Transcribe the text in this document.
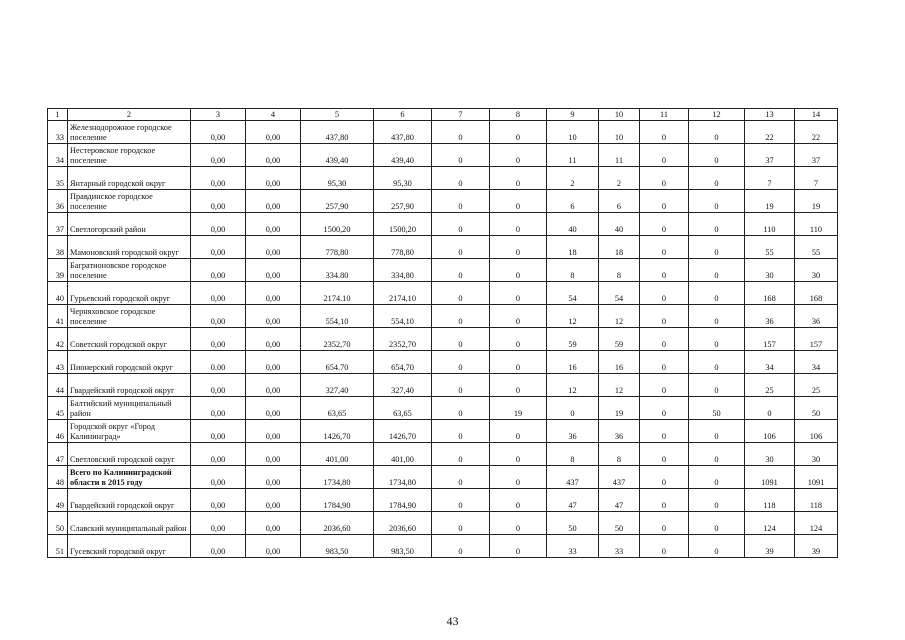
1	2	3	4	5	6	7	8	9	10	11	12	13	14
33	Железнодорожное городское поселение	0,00	0,00	437,80	437,80	0	0	10	10	0	0	22	22
34	Нестеровское городское поселение	0,00	0,00	439,40	439,40	0	0	11	11	0	0	37	37
35	Янтарный городской округ	0,00	0,00	95,30	95,30	0	0	2	2	0	0	7	7
36	Правдинское городское поселение	0,00	0,00	257,90	257,90	0	0	6	6	0	0	19	19
37	Светлогорский район	0,00	0,00	1500,20	1500,20	0	0	40	40	0	0	110	110
38	Мамоновский городской округ	0,00	0,00	778,80	778,80	0	0	18	18	0	0	55	55
39	Багратионовское городское поселение	0,00	0,00	334.80	334,80	0	0	8	8	0	0	30	30
40	Гурьевский городской округ	0,00	0,00	2174.10	2174,10	0	0	54	54	0	0	168	168
41	Черняховское городское поселение	0,00	0,00	554,10	554,10	0	0	12	12	0	0	36	36
42	Советский городской округ	0,00	0,00	2352,70	2352,70	0	0	59	59	0	0	157	157
43	Пионерский городской округ	0.00	0,00	654.70	654,70	0	0	16	16	0	0	34	34
44	Гвардейский городской округ	0,00	0,00	327,40	327,40	0	0	12	12	0	0	25	25
45	Балтийский муниципальный район	0,00	0,00	63,65	63,65	0	19	0	19	0	50	0	50
46	Городской округ «Город Калининград»	0,00	0,00	1426,70	1426,70	0	0	36	36	0	0	106	106
47	Светловский городской округ	0,00	0,00	401,00	401,00	0	0	8	8	0	0	30	30
48	Всего по Калининградской области в 2015 году	0,00	0,00	1734,80	1734,80	0	0	437	437	0	0	1091	1091
49	Гвардейский городской округ	0,00	0,00	1784,90	1784,90	0	0	47	47	0	0	118	118
50	Славский муниципальный район	0,00	0,00	2036,60	2036,60	0	0	50	50	0	0	124	124
51	Гусевский городской округ	0,00	0,00	983,50	983,50	0	0	33	33	0	0	39	39
43
